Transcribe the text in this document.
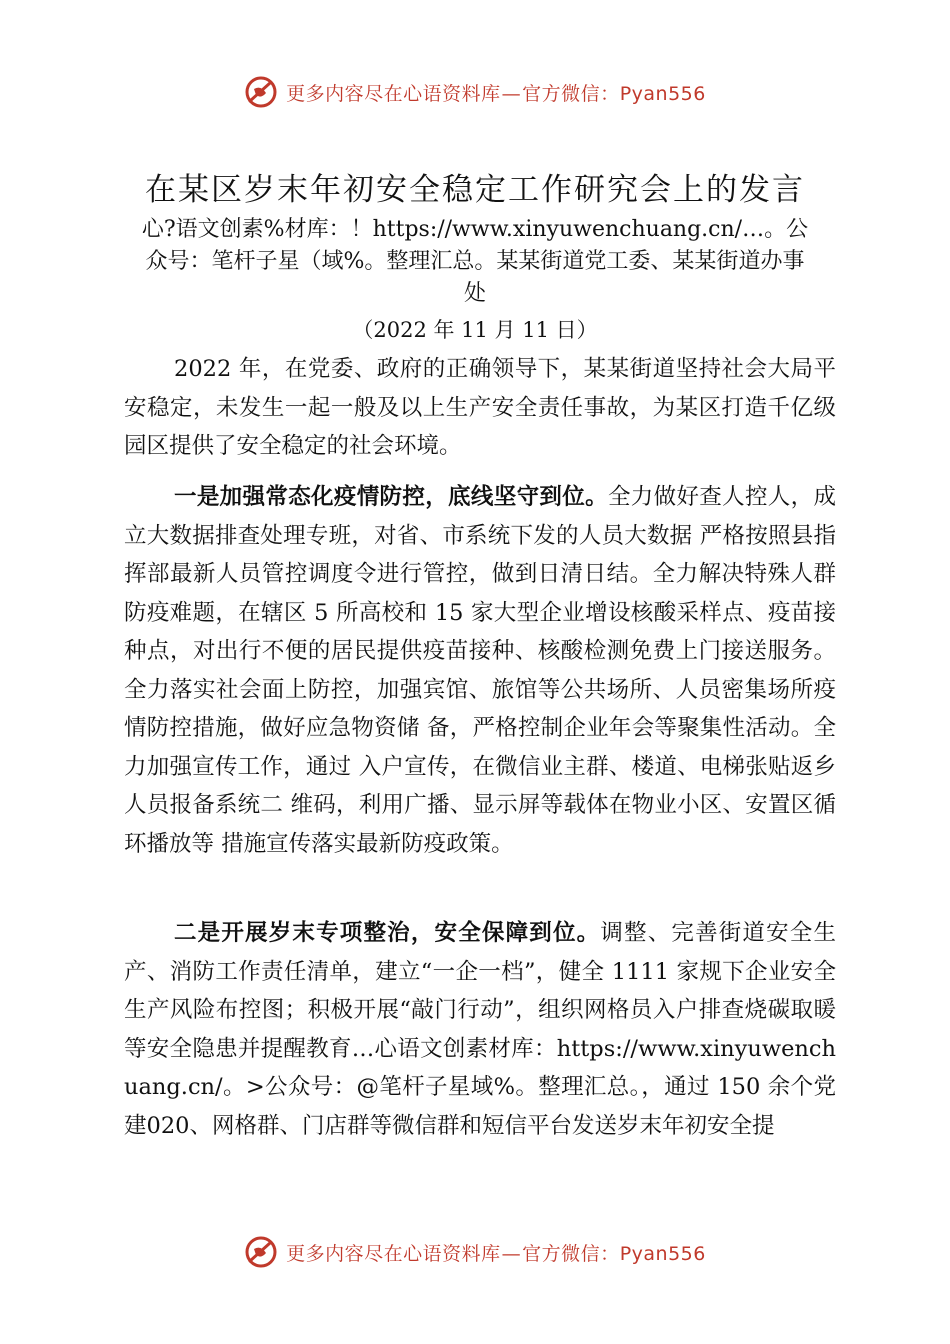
更多内容尽在心语资料库—官方微信：Pyan556
在某区岁末年初安全稳定工作研究会上的发言
心?语文创素%材库：！https://www.xinyuwenchuang.cn/…。公众号：笔杆子星（域%。整理汇总。某某街道党工委、某某街道办事处
（2022 年 11 月 11 日）
2022 年，在党委、政府的正确领导下，某某街道坚持社会大局平安稳定，未发生一起一般及以上生产安全责任事故，为某区打造千亿级园区提供了安全稳定的社会环境。
一是加强常态化疫情防控，底线坚守到位。全力做好查人控人，成立大数据排查处理专班，对省、市系统下发的人员大数据 严格按照县指挥部最新人员管控调度令进行管控，做到日清日结。全力解决特殊人群防疫难题，在辖区 5 所高校和 15 家大型企业增设核酸采样点、疫苗接种点，对出行不便的居民提供疫苗接种、核酸检测免费上门接送服务。全力落实社会面上防控，加强宾馆、旅馆等公共场所、人员密集场所疫情防控措施，做好应急物资储 备，严格控制企业年会等聚集性活动。全力加强宣传工作，通过 入户宣传，在微信业主群、楼道、电梯张贴返乡人员报备系统二 维码，利用广播、显示屏等载体在物业小区、安置区循环播放等 措施宣传落实最新防疫政策。
二是开展岁末专项整治，安全保障到位。调整、完善街道安全生产、消防工作责任清单，建立“一企一档”，健全 1111 家规下企业安全生产风险布控图；积极开展“敲门行动”，组织网格员入户排查烧碳取暖等安全隐患并提醒教育…心语文创素材库：https://www.xinyuwenchuang.cn/。>公众号：@笔杆子星域%。整理汇总。，通过 150 余个党建020、网格群、门店群等微信群和短信平台发送岁末年初安全提
更多内容尽在心语资料库—官方微信：Pyan556
